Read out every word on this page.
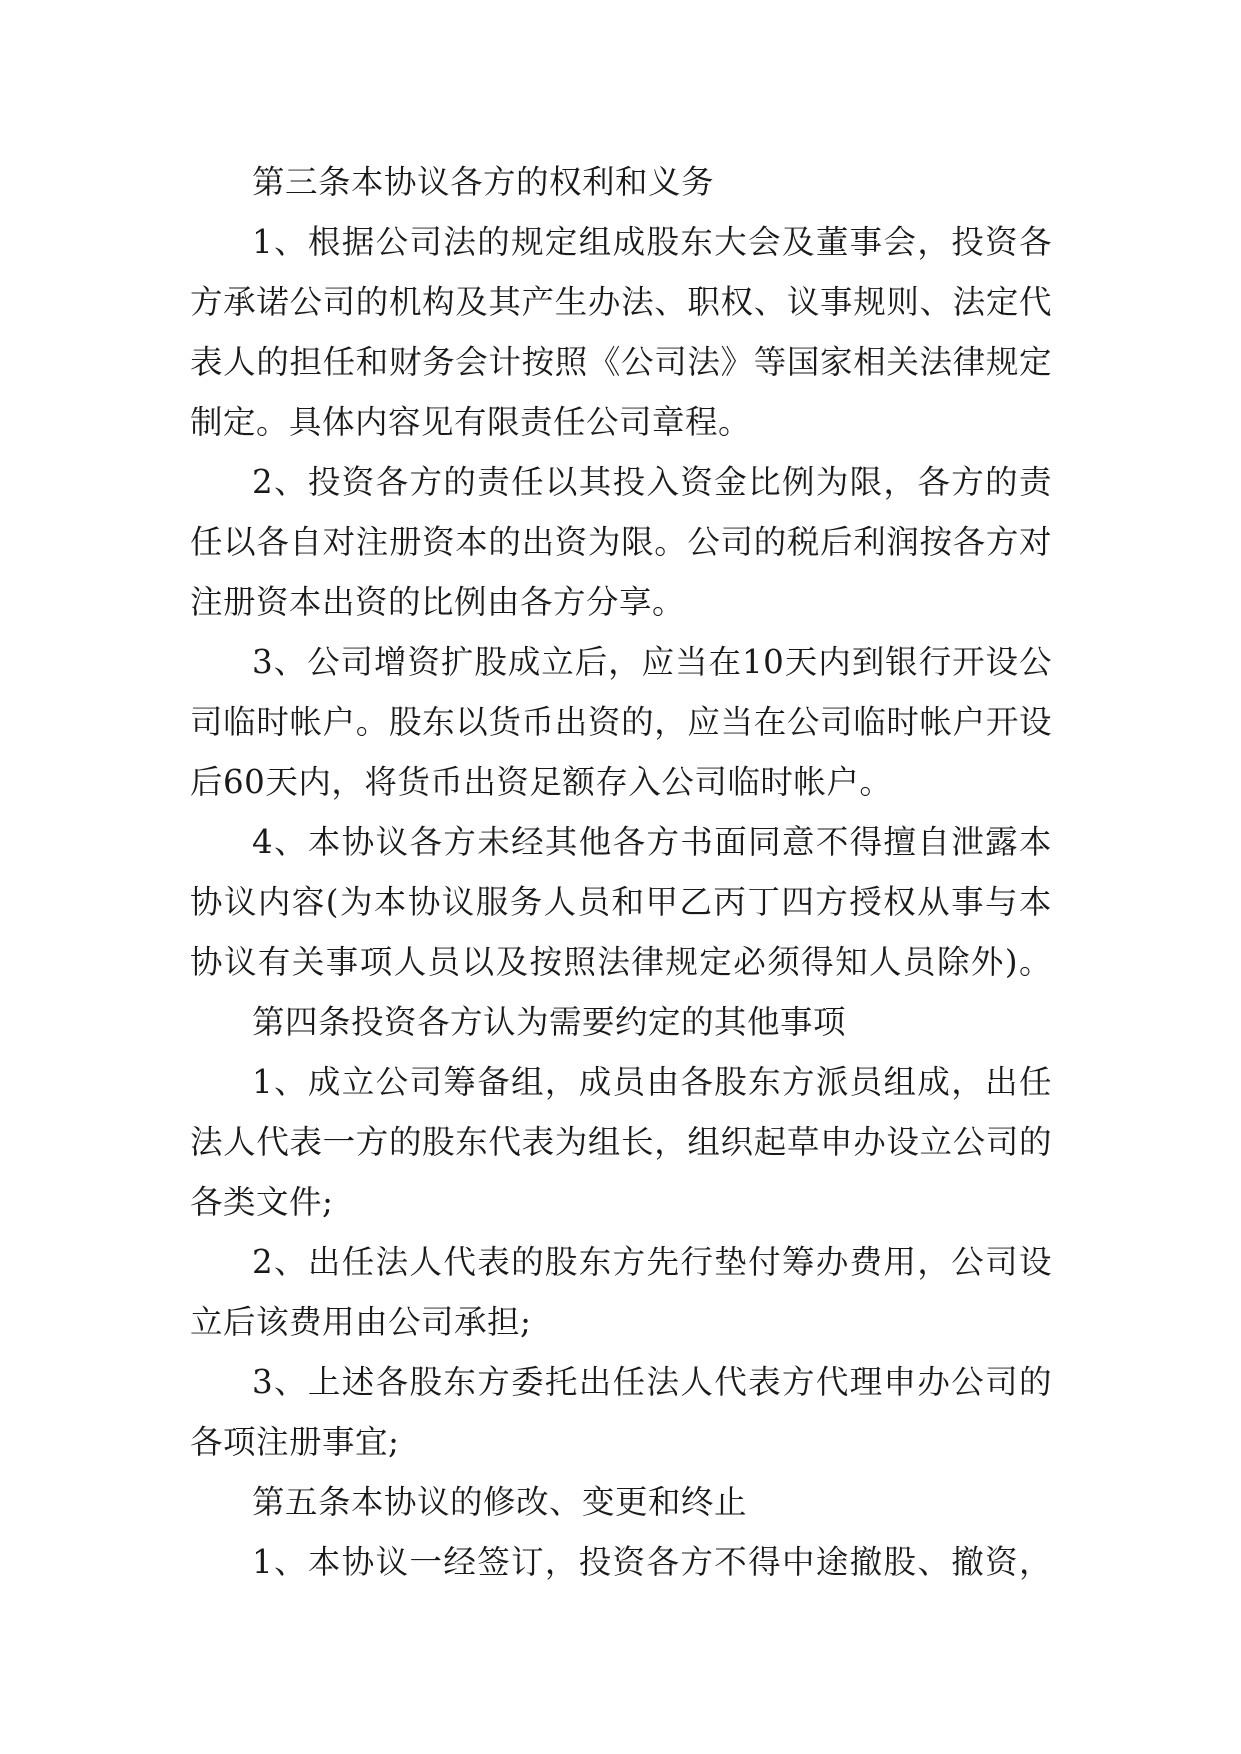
第三条本协议各方的权利和义务
1、根据公司法的规定组成股东大会及董事会，投资各
方承诺公司的机构及其产生办法、职权、议事规则、法定代
表人的担任和财务会计按照《公司法》等国家相关法律规定
制定。具体内容见有限责任公司章程。
2、投资各方的责任以其投入资金比例为限，各方的责
任以各自对注册资本的出资为限。公司的税后利润按各方对
注册资本出资的比例由各方分享。
3、公司增资扩股成立后，应当在10天内到银行开设公
司临时帐户。股东以货币出资的，应当在公司临时帐户开设
后60天内，将货币出资足额存入公司临时帐户。
4、本协议各方未经其他各方书面同意不得擅自泄露本
协议内容(为本协议服务人员和甲乙丙丁四方授权从事与本
协议有关事项人员以及按照法律规定必须得知人员除外)。
第四条投资各方认为需要约定的其他事项
1、成立公司筹备组，成员由各股东方派员组成，出任
法人代表一方的股东代表为组长，组织起草申办设立公司的
各类文件;
2、出任法人代表的股东方先行垫付筹办费用，公司设
立后该费用由公司承担;
3、上述各股东方委托出任法人代表方代理申办公司的
各项注册事宜;
第五条本协议的修改、变更和终止
1、本协议一经签订，投资各方不得中途撤股、撤资，
